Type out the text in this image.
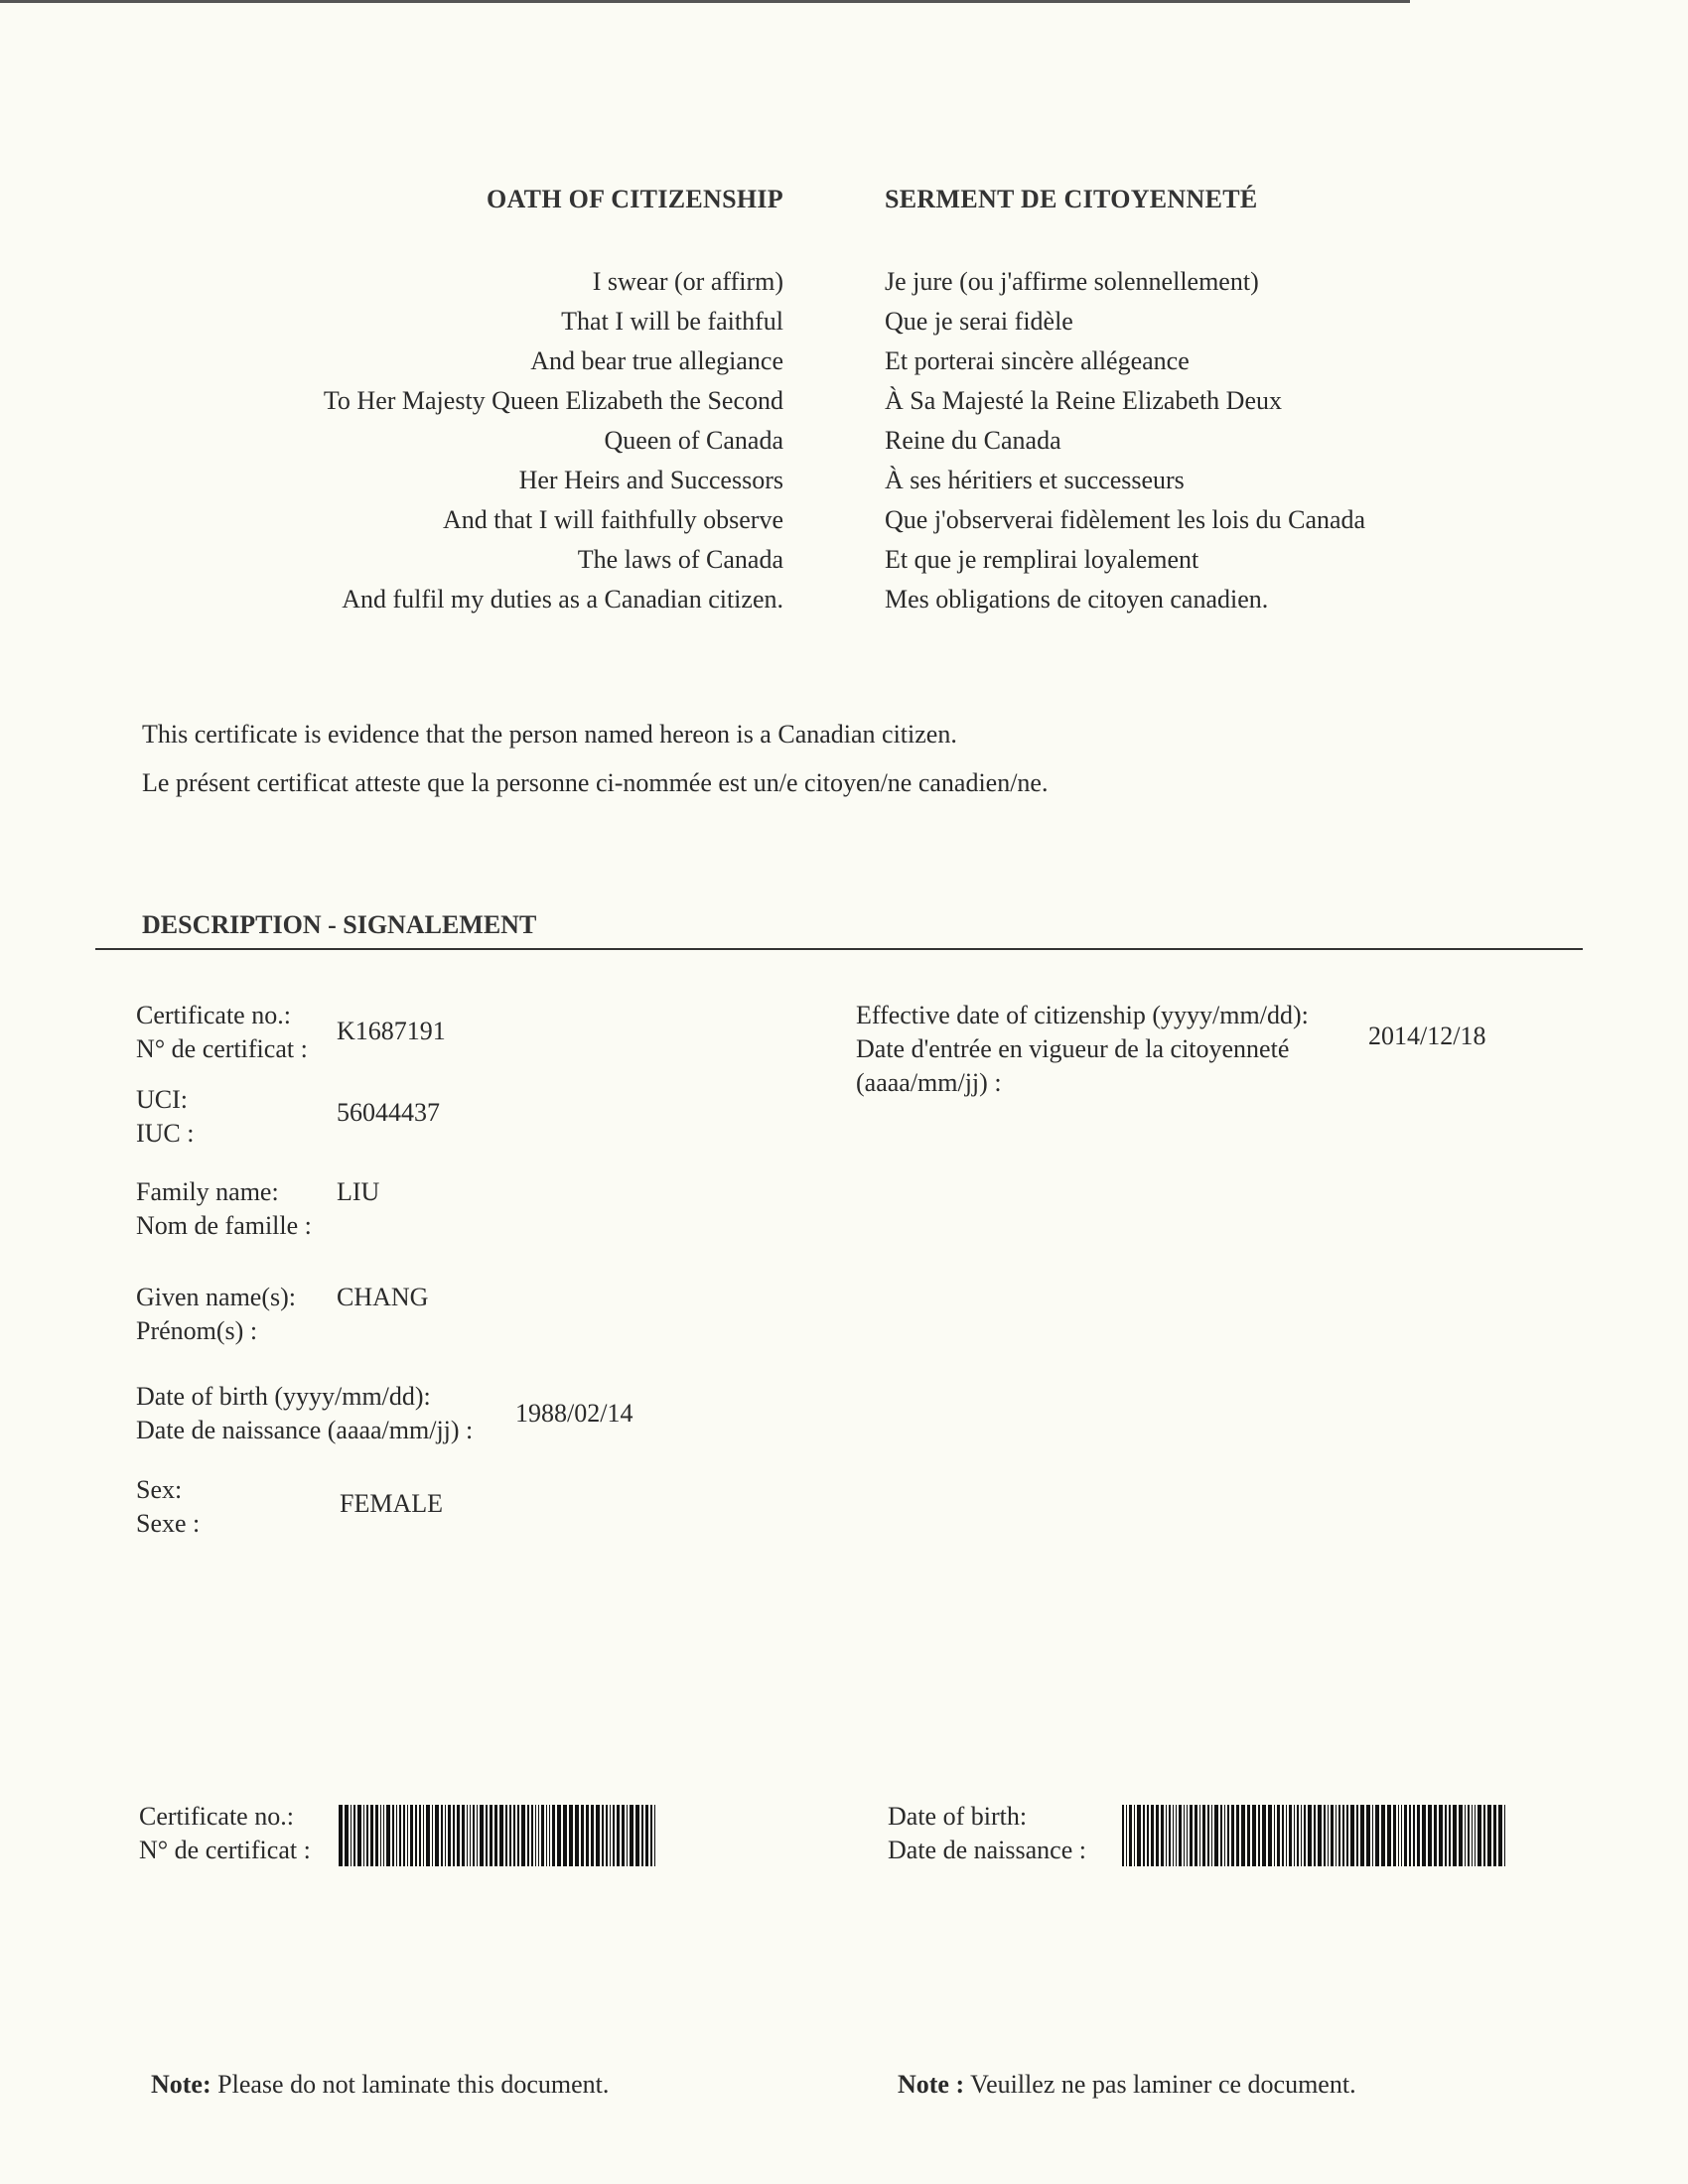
OATH OF CITIZENSHIP	SERMENT DE CITOYENNETÉ
I swear (or affirm)
That I will be faithful
And bear true allegiance
To Her Majesty Queen Elizabeth the Second
Queen of Canada
Her Heirs and Successors
And that I will faithfully observe
The laws of Canada
And fulfil my duties as a Canadian citizen.
Je jure (ou j'affirme solennellement)
Que je serai fidèle
Et porterai sincère allégeance
À Sa Majesté la Reine Elizabeth Deux
Reine du Canada
À ses héritiers et successeurs
Que j'observerai fidèlement les lois du Canada
Et que je remplirai loyalement
Mes obligations de citoyen canadien.
This certificate is evidence that the person named hereon is a Canadian citizen.
Le présent certificat atteste que la personne ci-nommée est un/e citoyen/ne canadien/ne.
DESCRIPTION - SIGNALEMENT
Certificate no.:
N° de certificat :
K1687191
UCI:
IUC :
56044437
Family name:
Nom de famille :
LIU
Given name(s):
Prénom(s) :
CHANG
Date of birth (yyyy/mm/dd):
Date de naissance (aaaa/mm/jj) :
1988/02/14
Sex:
Sexe :
FEMALE
Effective date of citizenship (yyyy/mm/dd):
Date d'entrée en vigueur de la citoyenneté
(aaaa/mm/jj) :
2014/12/18
Certificate no.:
N° de certificat :
Date of birth:
Date de naissance :
Note: Please do not laminate this document.	Note : Veuillez ne pas laminer ce document.
